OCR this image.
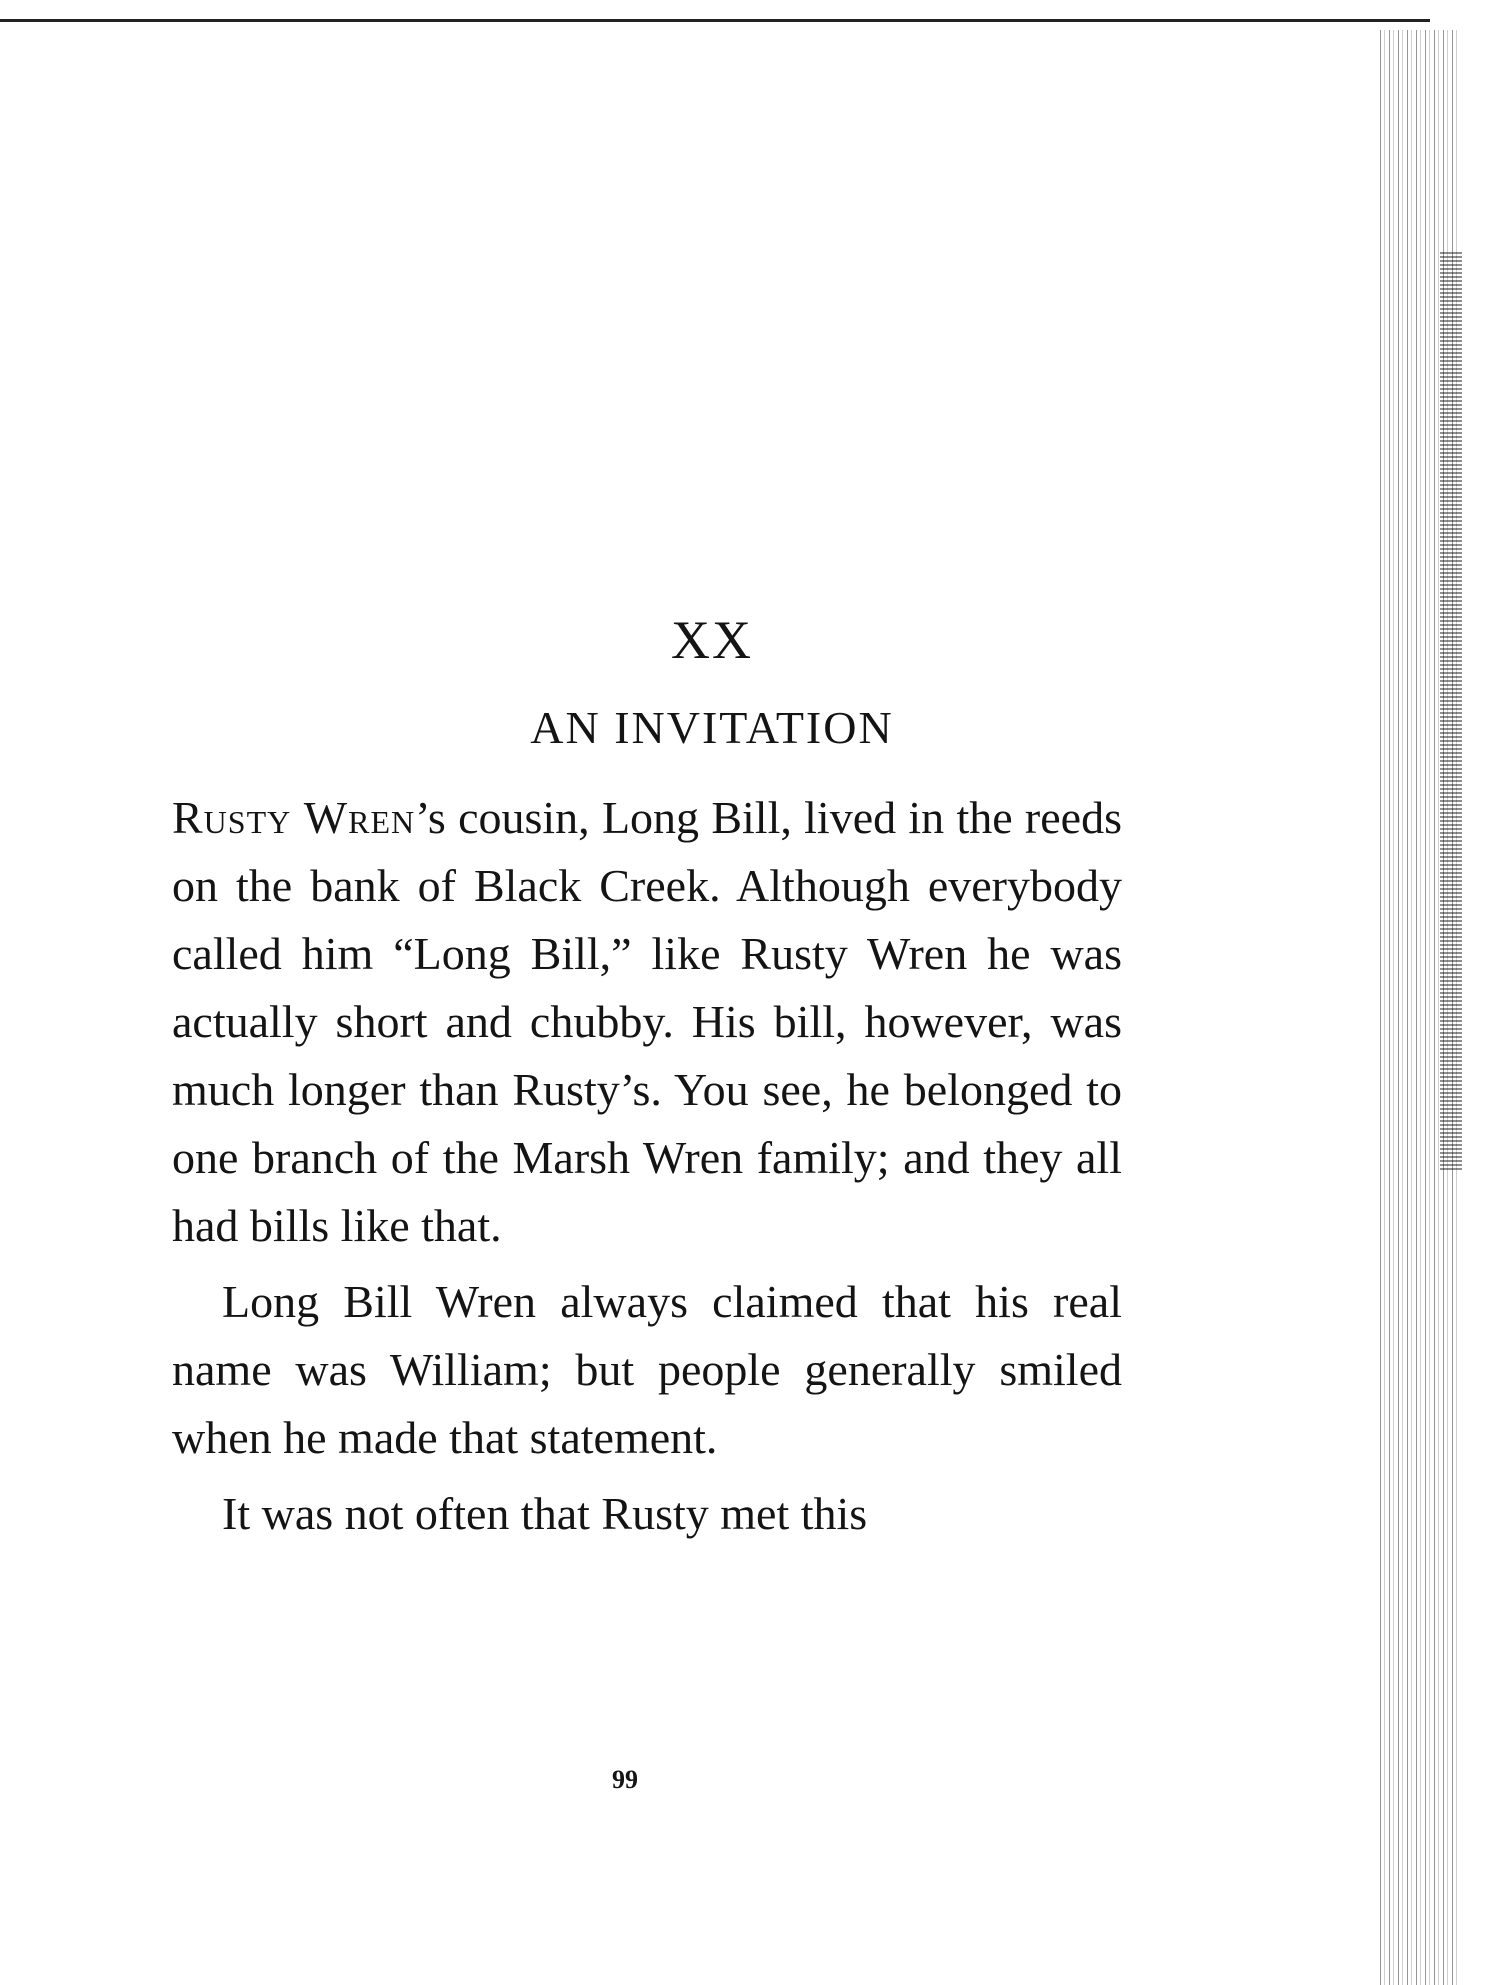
XX
AN INVITATION

Rusty Wren’s cousin, Long Bill, lived in the reeds on the bank of Black Creek. Although everybody called him “Long Bill,” like Rusty Wren he was actually short and chubby. His bill, however, was much longer than Rusty’s. You see, he belonged to one branch of the Marsh Wren family; and they all had bills like that.

Long Bill Wren always claimed that his real name was William; but people generally smiled when he made that statement.

It was not often that Rusty met this

99
